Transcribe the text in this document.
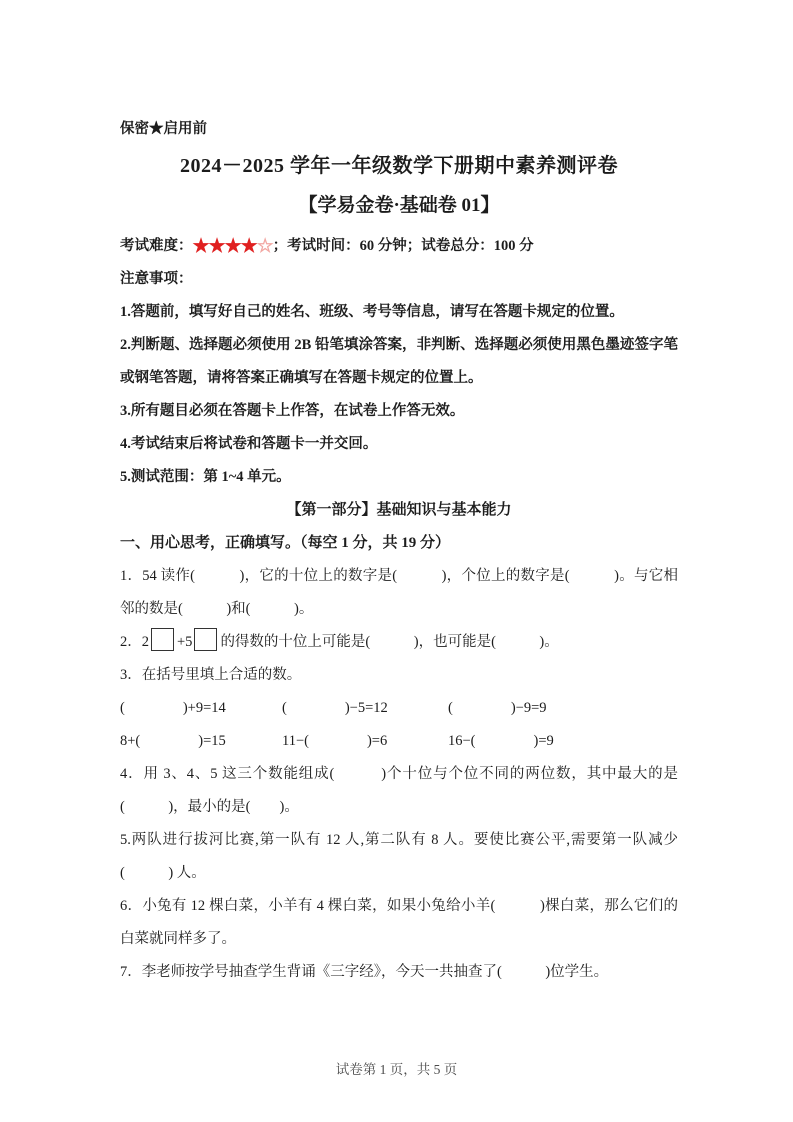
保密★启用前

2024－2025 学年一年级数学下册期中素养测评卷
【学易金卷·基础卷 01】

考试难度：★★★★☆；考试时间：60 分钟；试卷总分：100 分

注意事项：

1.答题前，填写好自己的姓名、班级、考号等信息，请写在答题卡规定的位置。

2.判断题、选择题必须使用 2B 铅笔填涂答案，非判断、选择题必须使用黑色墨迹签字笔或钢笔答题，请将答案正确填写在答题卡规定的位置上。

3.所有题目必须在答题卡上作答，在试卷上作答无效。

4.考试结束后将试卷和答题卡一并交回。

5.测试范围：第 1~4 单元。

【第一部分】基础知识与基本能力

一、用心思考，正确填写。（每空 1 分，共 19 分）

1．54 读作(　　　)，它的十位上的数字是(　　　)，个位上的数字是(　　　)。与它相邻的数是(　　　)和(　　　)。

2．2 +5 的得数的十位上可能是(　　　)，也可能是(　　　)。

3．在括号里填上合适的数。

(　　　　)+9=14	(　　　　)−5=12	(　　　　)−9=9
8+(　　　　)=15	11−(　　　　)=6	16−(　　　　)=9

4．用 3、4、5 这三个数能组成(　　　)个十位与个位不同的两位数，其中最大的是 (　　　)，最小的是(　　)。

5.两队进行拔河比赛,第一队有 12 人,第二队有 8 人。要使比赛公平,需要第一队减少(　　　) 人。

6．小兔有 12 棵白菜，小羊有 4 棵白菜，如果小兔给小羊(　　　)棵白菜，那么它们的白菜就同样多了。

7．李老师按学号抽查学生背诵《三字经》，今天一共抽查了(　　　)位学生。

试卷第 1 页，共 5 页
